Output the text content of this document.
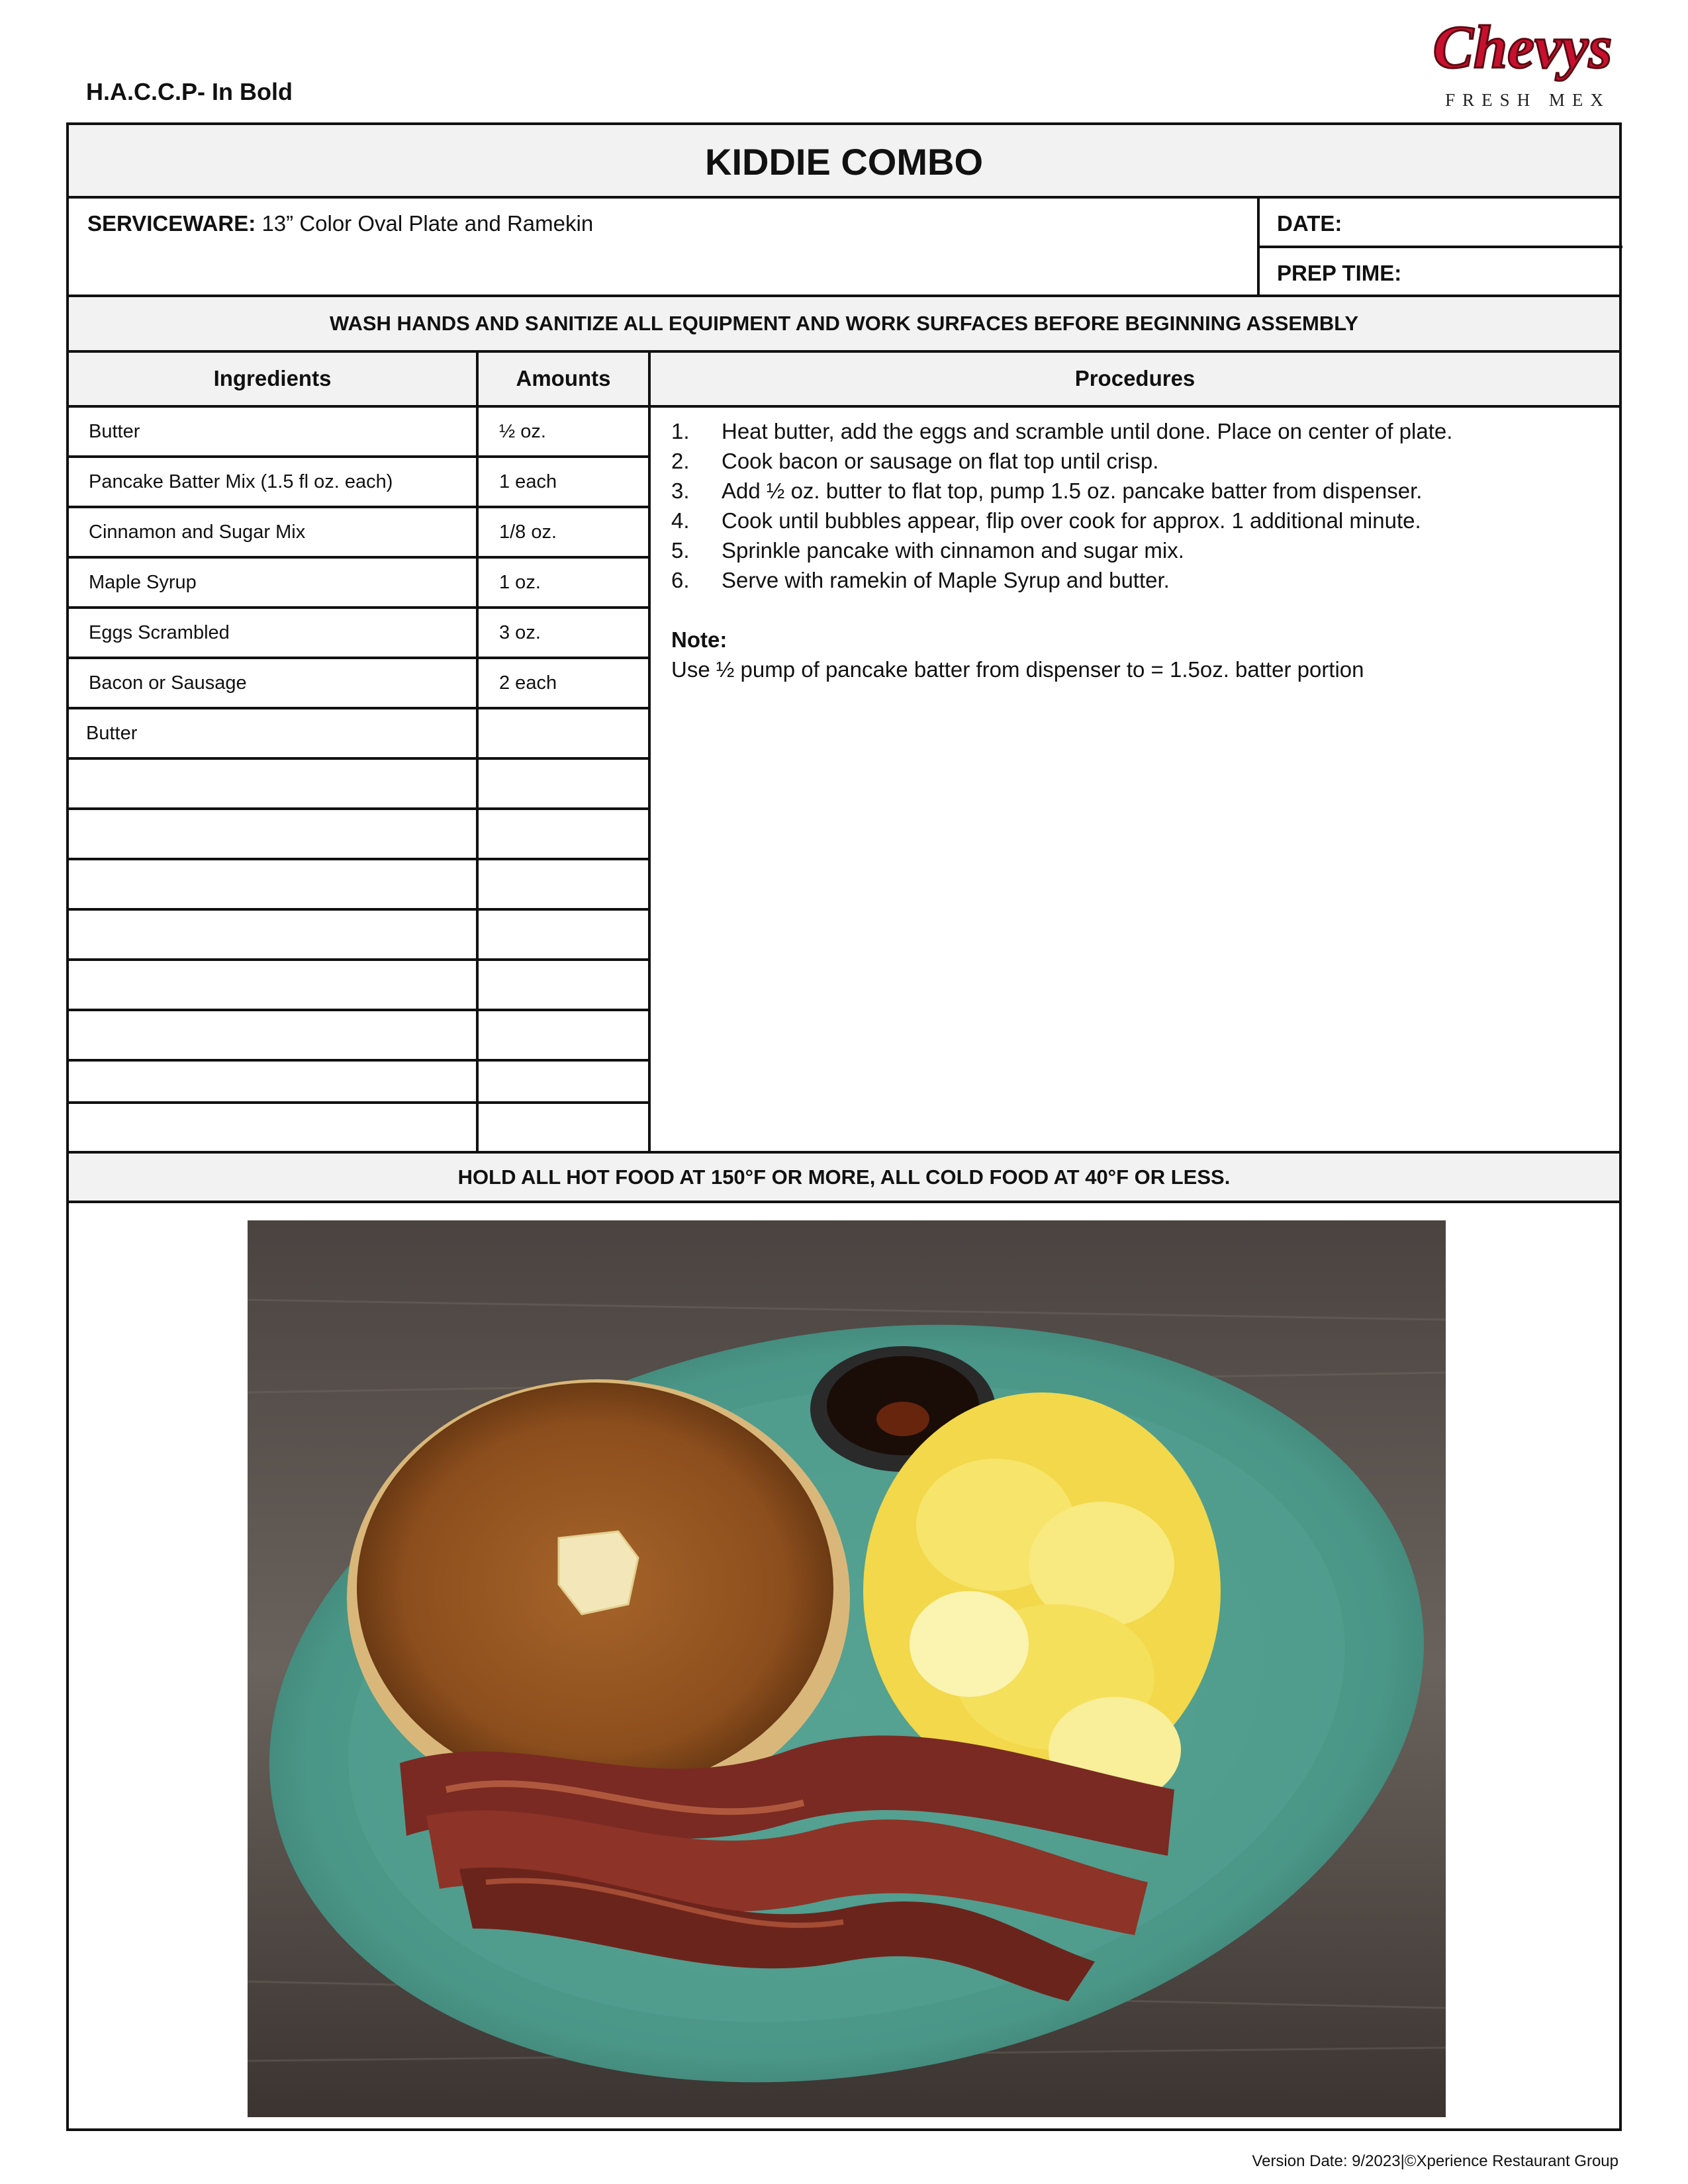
H.A.C.C.P- In Bold
Chevys
FRESH MEX
KIDDIE COMBO
SERVICEWARE: 13” Color Oval Plate and Ramekin	DATE:
PREP TIME:
WASH HANDS AND SANITIZE ALL EQUIPMENT AND WORK SURFACES BEFORE BEGINNING ASSEMBLY
Ingredients	Amounts	Procedures
Butter	½ oz.
Pancake Batter Mix (1.5 fl oz. each)	1 each
Cinnamon and Sugar Mix	1/8 oz.
Maple Syrup	1 oz.
Eggs Scrambled	3 oz.
Bacon or Sausage	2 each
Butter
1.	Heat butter, add the eggs and scramble until done. Place on center of plate.
2.	Cook bacon or sausage on flat top until crisp.
3.	Add ½ oz. butter to flat top, pump 1.5 oz. pancake batter from dispenser.
4.	Cook until bubbles appear, flip over cook for approx. 1 additional minute.
5.	Sprinkle pancake with cinnamon and sugar mix.
6.	Serve with ramekin of Maple Syrup and butter.
Note:
Use ½ pump of pancake batter from dispenser to = 1.5oz. batter portion
HOLD ALL HOT FOOD AT 150°F OR MORE, ALL COLD FOOD AT 40°F OR LESS.
Version Date: 9/2023|©Xperience Restaurant Group
